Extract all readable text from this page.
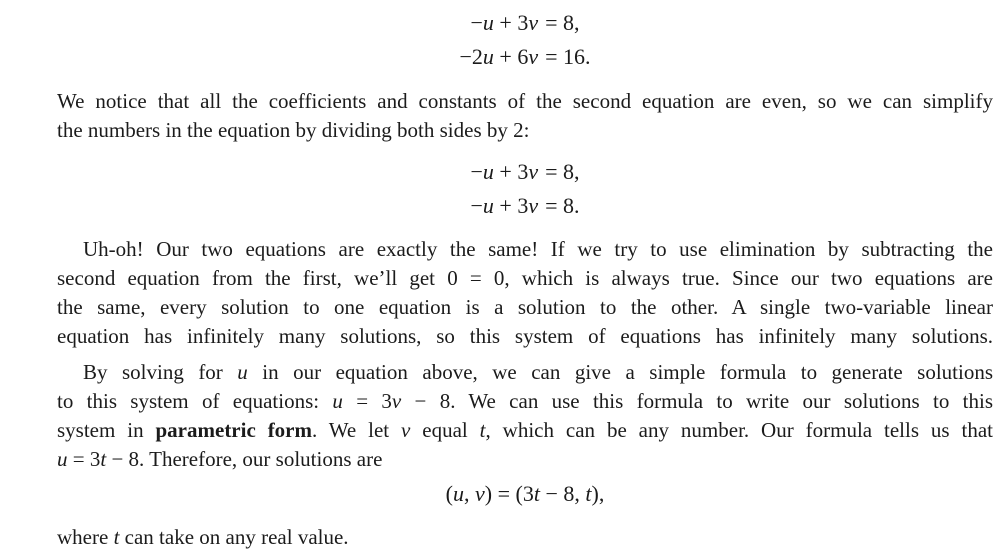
−u + 3v	= 8,
−2u + 6v	= 16.
We notice that all the coefficients and constants of the second equation are even, so we can simplify
the numbers in the equation by dividing both sides by 2:
−u + 3v	= 8,
−u + 3v	= 8.
Uh-oh! Our two equations are exactly the same! If we try to use elimination by subtracting the
second equation from the first, we’ll get 0 = 0, which is always true. Since our two equations are
the same, every solution to one equation is a solution to the other. A single two-variable linear
equation has infinitely many solutions, so this system of equations has infinitely many solutions.
By solving for u in our equation above, we can give a simple formula to generate solutions
to this system of equations: u = 3v − 8. We can use this formula to write our solutions to this
system in parametric form. We let v equal t, which can be any number. Our formula tells us that
u = 3t − 8. Therefore, our solutions are
(u, v) = (3t − 8, t),
where t can take on any real value.
